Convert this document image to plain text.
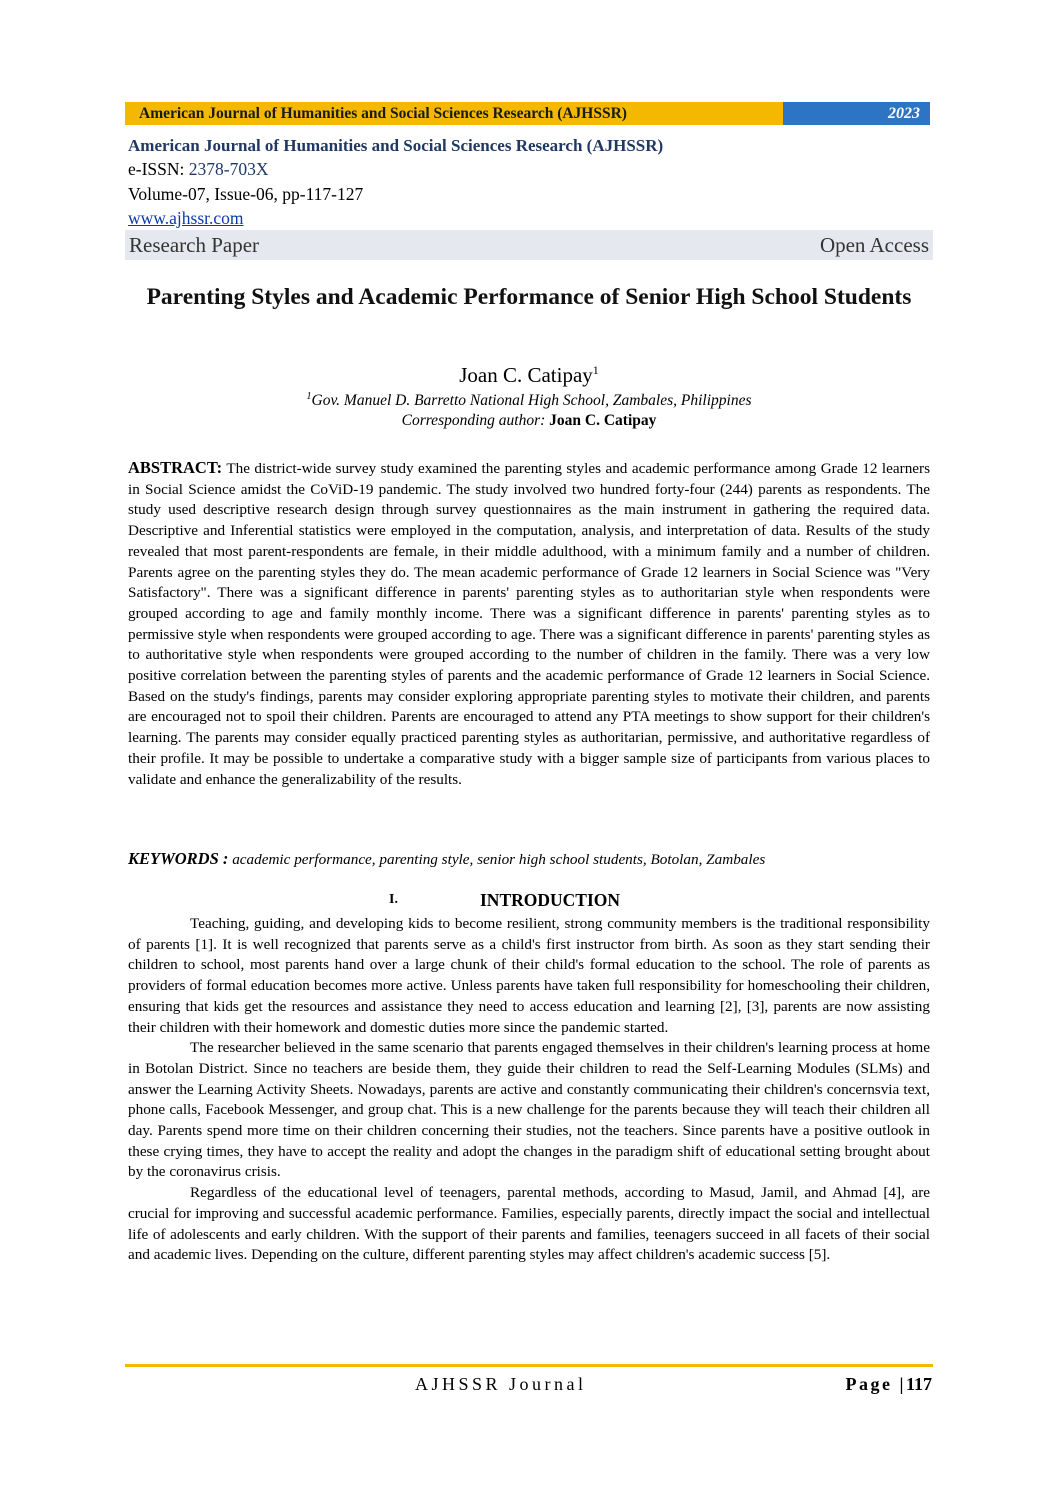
American Journal of Humanities and Social Sciences Research (AJHSSR)	2023
American Journal of Humanities and Social Sciences Research (AJHSSR)
e-ISSN: 2378-703X
Volume-07, Issue-06, pp-117-127
www.ajhssr.com
Research Paper	Open Access
Parenting Styles and Academic Performance of Senior High School Students
Joan C. Catipay$^1$
$^1$Gov. Manuel D. Barretto National High School, Zambales, Philippines
Corresponding author: Joan C. Catipay
ABSTRACT: The district-wide survey study examined the parenting styles and academic performance among Grade 12 learners in Social Science amidst the CoViD-19 pandemic. The study involved two hundred forty-four (244) parents as respondents. The study used descriptive research design through survey questionnaires as the main instrument in gathering the required data. Descriptive and Inferential statistics were employed in the computation, analysis, and interpretation of data. Results of the study revealed that most parent-respondents are female, in their middle adulthood, with a minimum family and a number of children. Parents agree on the parenting styles they do. The mean academic performance of Grade 12 learners in Social Science was "Very Satisfactory". There was a significant difference in parents' parenting styles as to authoritarian style when respondents were grouped according to age and family monthly income. There was a significant difference in parents' parenting styles as to permissive style when respondents were grouped according to age. There was a significant difference in parents' parenting styles as to authoritative style when respondents were grouped according to the number of children in the family. There was a very low positive correlation between the parenting styles of parents and the academic performance of Grade 12 learners in Social Science. Based on the study's findings, parents may consider exploring appropriate parenting styles to motivate their children, and parents are encouraged not to spoil their children. Parents are encouraged to attend any PTA meetings to show support for their children's learning. The parents may consider equally practiced parenting styles as authoritarian, permissive, and authoritative regardless of their profile. It may be possible to undertake a comparative study with a bigger sample size of participants from various places to validate and enhance the generalizability of the results.
KEYWORDS : academic performance, parenting style, senior high school students, Botolan, Zambales
I.	INTRODUCTION

Teaching, guiding, and developing kids to become resilient, strong community members is the traditional responsibility of parents [1]. It is well recognized that parents serve as a child's first instructor from birth. As soon as they start sending their children to school, most parents hand over a large chunk of their child's formal education to the school. The role of parents as providers of formal education becomes more active. Unless parents have taken full responsibility for homeschooling their children, ensuring that kids get the resources and assistance they need to access education and learning [2], [3], parents are now assisting their children with their homework and domestic duties more since the pandemic started.

The researcher believed in the same scenario that parents engaged themselves in their children's learning process at home in Botolan District. Since no teachers are beside them, they guide their children to read the Self-Learning Modules (SLMs) and answer the Learning Activity Sheets. Nowadays, parents are active and constantly communicating their children's concernsvia text, phone calls, Facebook Messenger, and group chat. This is a new challenge for the parents because they will teach their children all day. Parents spend more time on their children concerning their studies, not the teachers. Since parents have a positive outlook in these crying times, they have to accept the reality and adopt the changes in the paradigm shift of educational setting brought about by the coronavirus crisis.

Regardless of the educational level of teenagers, parental methods, according to Masud, Jamil, and Ahmad [4], are crucial for improving and successful academic performance. Families, especially parents, directly impact the social and intellectual life of adolescents and early children. With the support of their parents and families, teenagers succeed in all facets of their social and academic lives. Depending on the culture, different parenting styles may affect children's academic success [5].

AJHSSR Journal	Page |117
